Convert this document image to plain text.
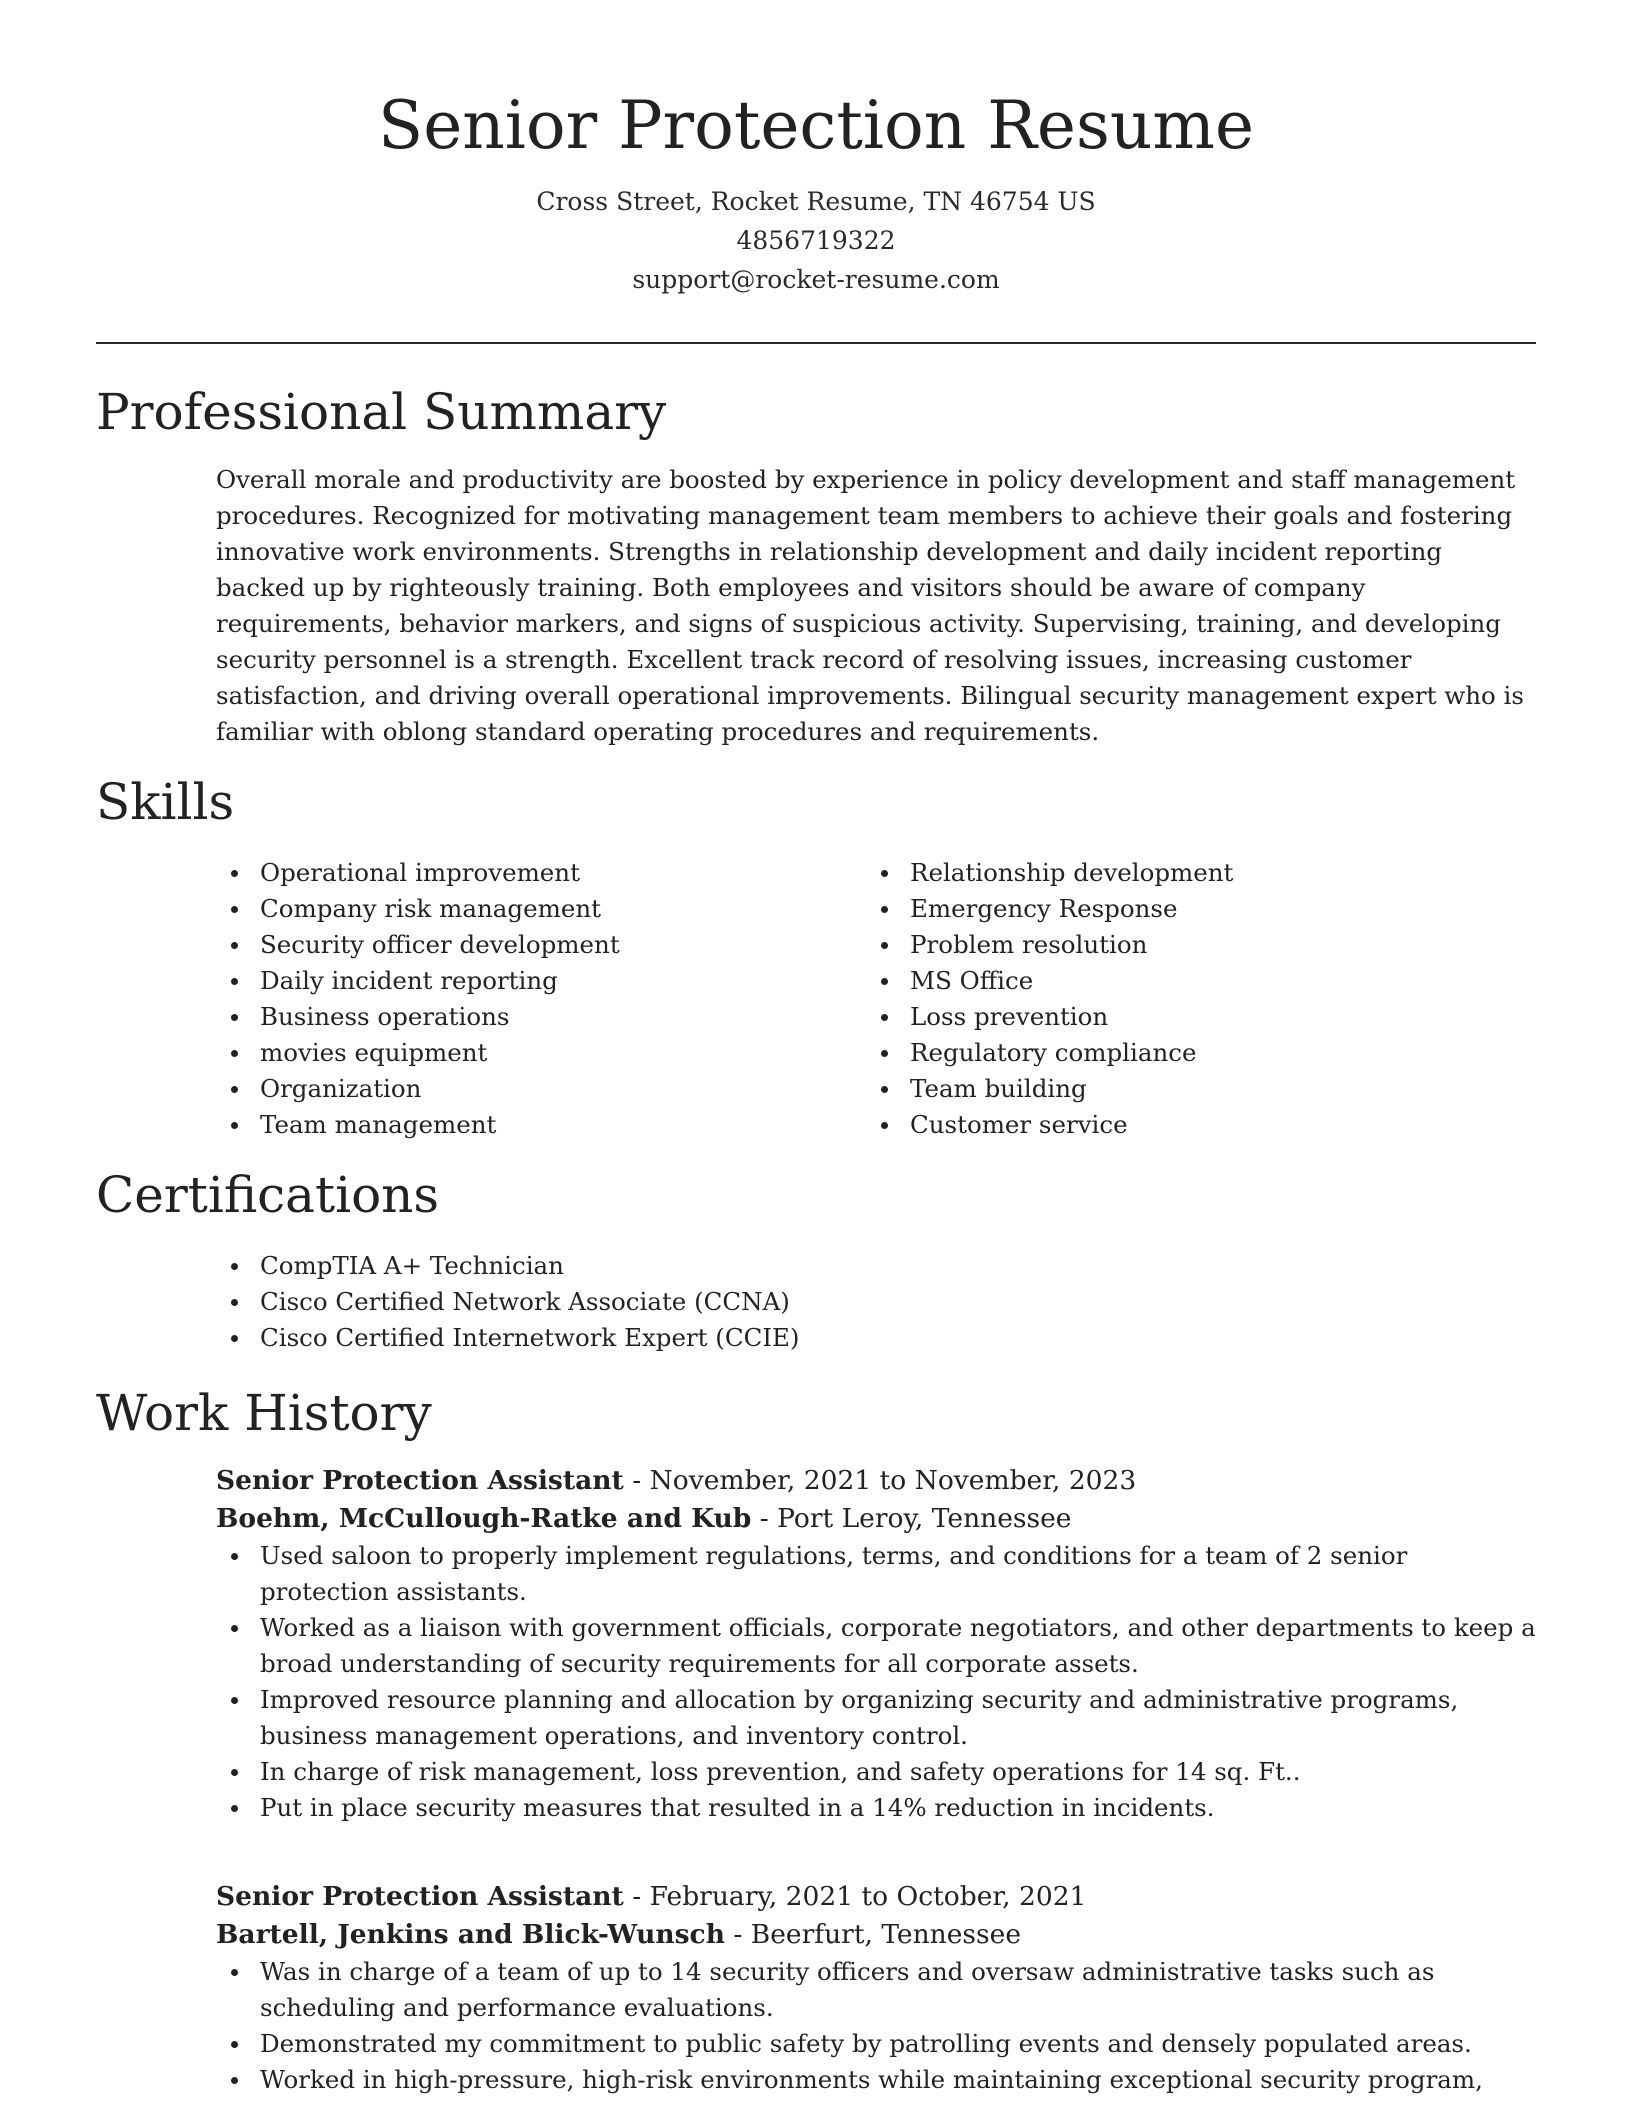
Senior Protection Resume
Cross Street, Rocket Resume, TN 46754 US
4856719322
support@rocket-resume.com
Professional Summary

Overall morale and productivity are boosted by experience in policy development and staff management procedures. Recognized for motivating management team members to achieve their goals and fostering innovative work environments. Strengths in relationship development and daily incident reporting backed up by righteously training. Both employees and visitors should be aware of company requirements, behavior markers, and signs of suspicious activity. Supervising, training, and developing security personnel is a strength. Excellent track record of resolving issues, increasing customer satisfaction, and driving overall operational improvements. Bilingual security management expert who is familiar with oblong standard operating procedures and requirements.

Skills
Operational improvement
Company risk management
Security officer development
Daily incident reporting
Business operations
movies equipment
Organization
Team management
Relationship development
Emergency Response
Problem resolution
MS Office
Loss prevention
Regulatory compliance
Team building
Customer service
Certifications
CompTIA A+ Technician
Cisco Certified Network Associate (CCNA)
Cisco Certified Internetwork Expert (CCIE)
Work History
Senior Protection Assistant - November, 2021 to November, 2023
Boehm, McCullough-Ratke and Kub - Port Leroy, Tennessee
Used saloon to properly implement regulations, terms, and conditions for a team of 2 senior protection assistants.
Worked as a liaison with government officials, corporate negotiators, and other departments to keep a broad understanding of security requirements for all corporate assets.
Improved resource planning and allocation by organizing security and administrative programs, business management operations, and inventory control.
In charge of risk management, loss prevention, and safety operations for 14 sq. Ft..
Put in place security measures that resulted in a 14% reduction in incidents.
Senior Protection Assistant - February, 2021 to October, 2021
Bartell, Jenkins and Blick-Wunsch - Beerfurt, Tennessee
Was in charge of a team of up to 14 security officers and oversaw administrative tasks such as scheduling and performance evaluations.
Demonstrated my commitment to public safety by patrolling events and densely populated areas.
Worked in high-pressure, high-risk environments while maintaining exceptional security program,
